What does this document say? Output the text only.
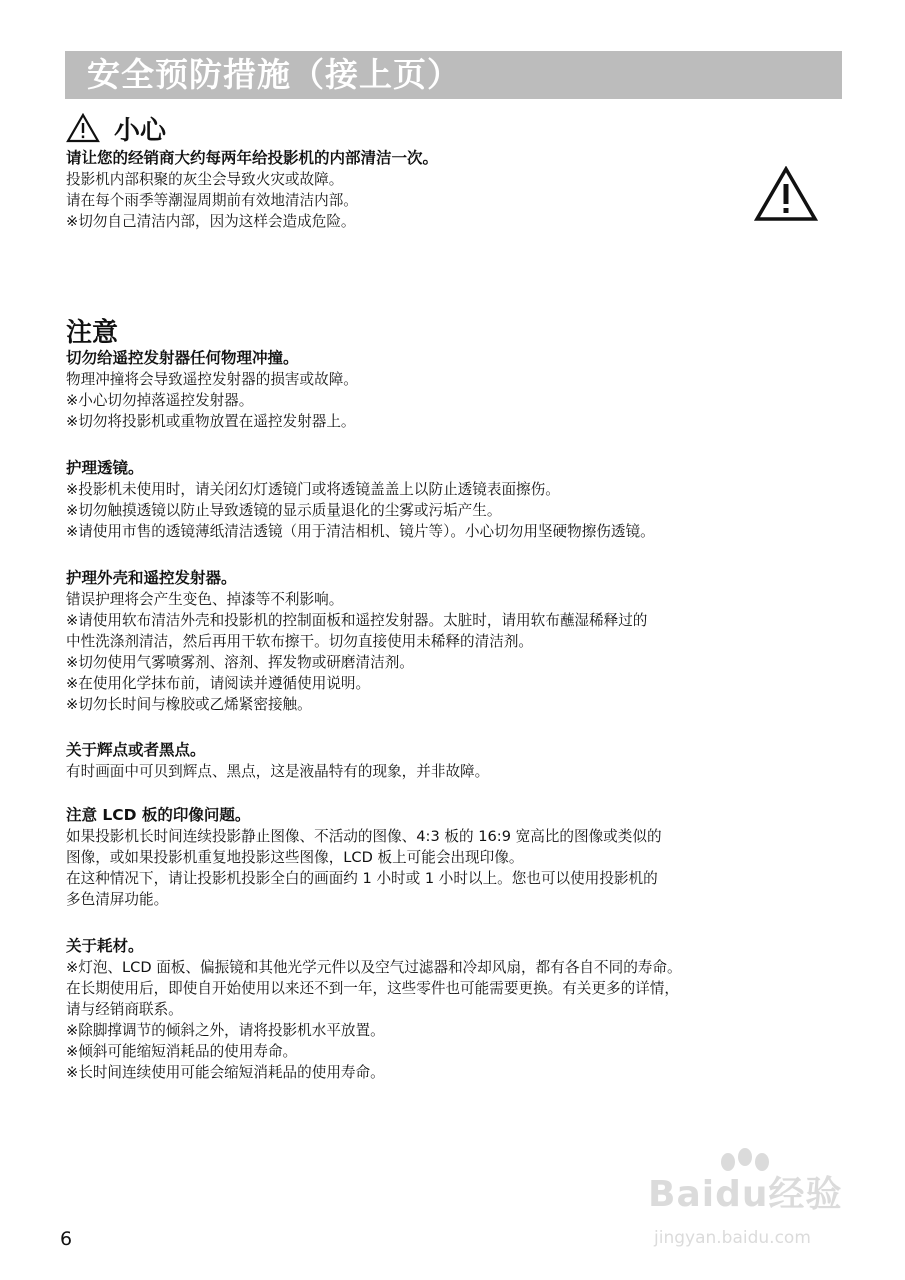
安全预防措施（接上页）
小心
请让您的经销商大约每两年给投影机的内部清洁一次。
投影机内部积聚的灰尘会导致火灾或故障。
请在每个雨季等潮湿周期前有效地清洁内部。
※切勿自己清洁内部，因为这样会造成危险。
注意
切勿给遥控发射器任何物理冲撞。
物理冲撞将会导致遥控发射器的损害或故障。
※小心切勿掉落遥控发射器。
※切勿将投影机或重物放置在遥控发射器上。
护理透镜。
※投影机未使用时，请关闭幻灯透镜门或将透镜盖盖上以防止透镜表面擦伤。
※切勿触摸透镜以防止导致透镜的显示质量退化的尘雾或污垢产生。
※请使用市售的透镜薄纸清洁透镜（用于清洁相机、镜片等）。小心切勿用坚硬物擦伤透镜。
护理外壳和遥控发射器。
错误护理将会产生变色、掉漆等不利影响。
※请使用软布清洁外壳和投影机的控制面板和遥控发射器。太脏时，请用软布蘸湿稀释过的
中性洗涤剂清洁，然后再用干软布擦干。切勿直接使用未稀释的清洁剂。
※切勿使用气雾喷雾剂、溶剂、挥发物或研磨清洁剂。
※在使用化学抹布前，请阅读并遵循使用说明。
※切勿长时间与橡胶或乙烯紧密接触。
关于辉点或者黑点。
有时画面中可贝到辉点、黑点，这是液晶特有的现象，并非故障。
注意 LCD 板的印像问题。
如果投影机长时间连续投影静止图像、不活动的图像、4:3 板的 16:9 宽高比的图像或类似的
图像，或如果投影机重复地投影这些图像，LCD 板上可能会出现印像。
在这种情况下，请让投影机投影全白的画面约 1 小时或 1 小时以上。您也可以使用投影机的
多色清屏功能。
关于耗材。
※灯泡、LCD 面板、偏振镜和其他光学元件以及空气过滤器和冷却风扇，都有各自不同的寿命。
在长期使用后，即使自开始使用以来还不到一年，这些零件也可能需要更换。有关更多的详情，
请与经销商联系。
※除脚撑调节的倾斜之外，请将投影机水平放置。
※倾斜可能缩短消耗品的使用寿命。
※长时间连续使用可能会缩短消耗品的使用寿命。
6
Baidu经验
jingyan.baidu.com
